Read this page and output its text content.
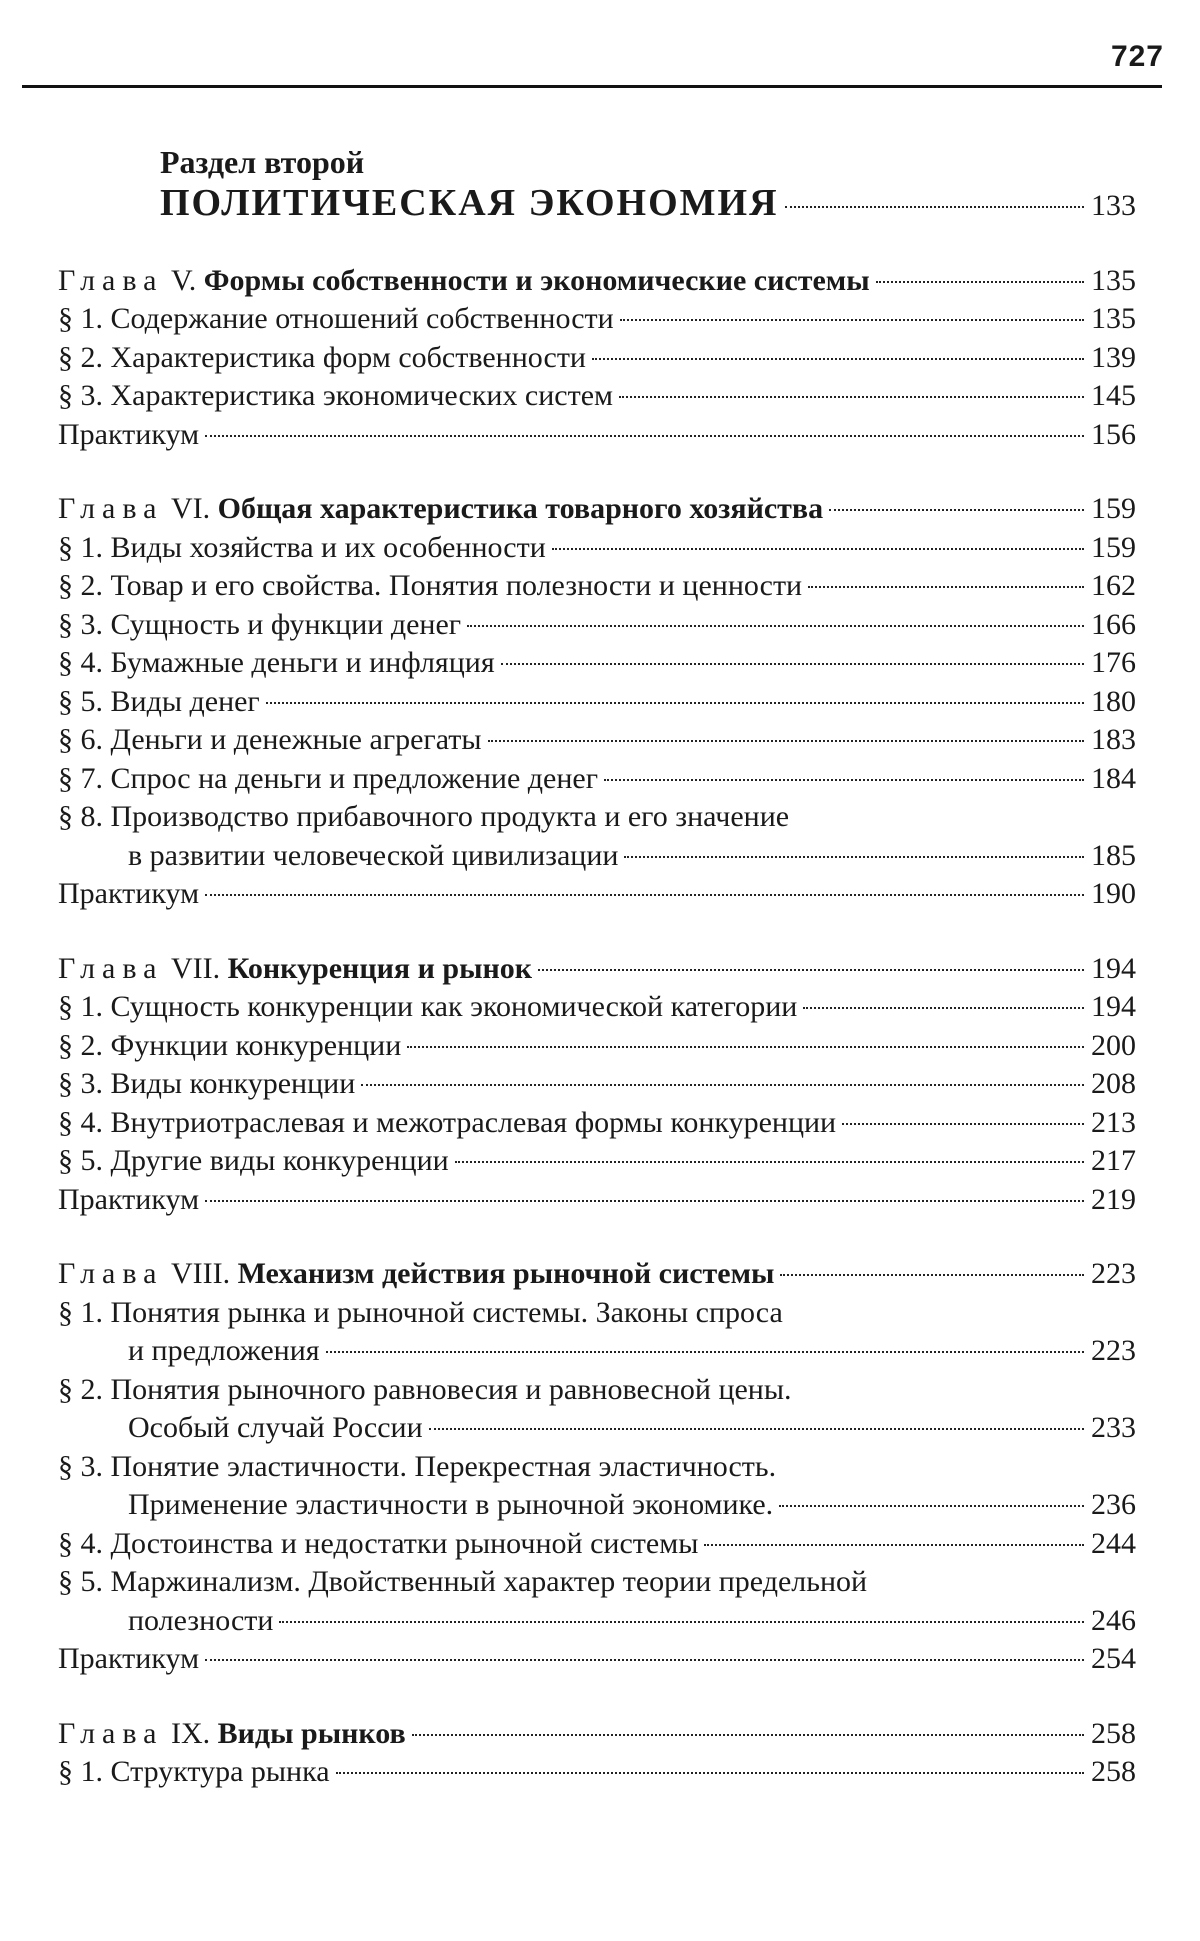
727
Раздел второй
ПОЛИТИЧЕСКАЯ ЭКОНОМИЯ	133
Глава V. Формы собственности и экономические системы	135
§ 1. Содержание отношений собственности	135
§ 2. Характеристика форм собственности	139
§ 3. Характеристика экономических систем	145
Практикум	156
Глава VI. Общая характеристика товарного хозяйства	159
§ 1. Виды хозяйства и их особенности	159
§ 2. Товар и его свойства. Понятия полезности и ценности	162
§ 3. Сущность и функции денег	166
§ 4. Бумажные деньги и инфляция	176
§ 5. Виды денег	180
§ 6. Деньги и денежные агрегаты	183
§ 7. Спрос на деньги и предложение денег	184
§ 8. Производство прибавочного продукта и его значение
в развитии человеческой цивилизации	185
Практикум	190
Глава VII. Конкуренция и рынок	194
§ 1. Сущность конкуренции как экономической категории	194
§ 2. Функции конкуренции	200
§ 3. Виды конкуренции	208
§ 4. Внутриотраслевая и межотраслевая формы конкуренции	213
§ 5. Другие виды конкуренции	217
Практикум	219
Глава VIII. Механизм действия рыночной системы	223
§ 1. Понятия рынка и рыночной системы. Законы спроса
и предложения	223
§ 2. Понятия рыночного равновесия и равновесной цены.
Особый случай России	233
§ 3. Понятие эластичности. Перекрестная эластичность.
Применение эластичности в рыночной экономике.	236
§ 4. Достоинства и недостатки рыночной системы	244
§ 5. Маржинализм. Двойственный характер теории предельной
полезности	246
Практикум	254
Глава IX. Виды рынков	258
§ 1. Структура рынка	258
